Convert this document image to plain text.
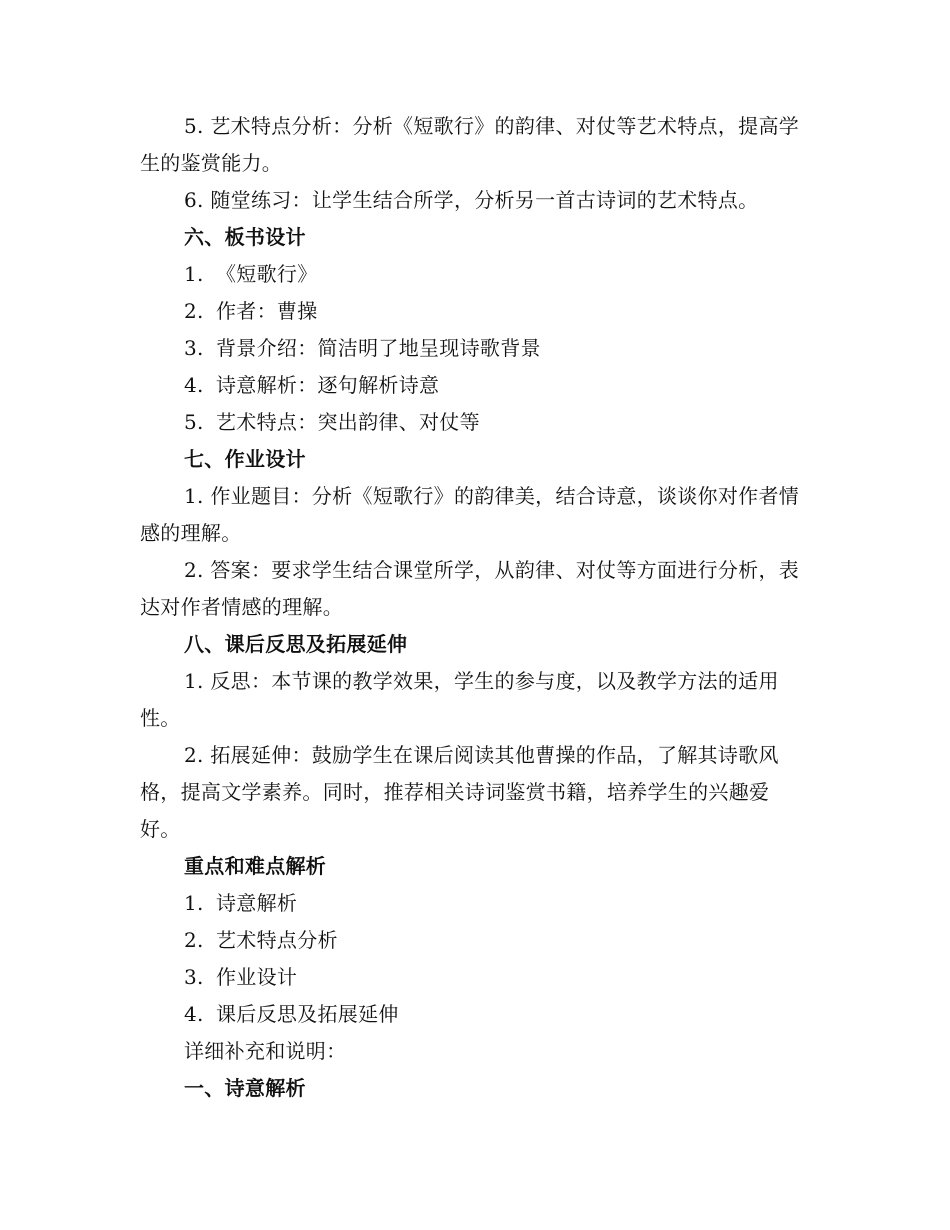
5. 艺术特点分析：分析《短歌行》的韵律、对仗等艺术特点，提高学生的鉴赏能力。

6. 随堂练习：让学生结合所学，分析另一首古诗词的艺术特点。

六、板书设计

1. 《短歌行》

2. 作者：曹操

3. 背景介绍：简洁明了地呈现诗歌背景

4. 诗意解析：逐句解析诗意

5. 艺术特点：突出韵律、对仗等

七、作业设计

1. 作业题目：分析《短歌行》的韵律美，结合诗意，谈谈你对作者情感的理解。

2. 答案：要求学生结合课堂所学，从韵律、对仗等方面进行分析，表达对作者情感的理解。

八、课后反思及拓展延伸

1. 反思：本节课的教学效果，学生的参与度，以及教学方法的适用性。

2. 拓展延伸：鼓励学生在课后阅读其他曹操的作品，了解其诗歌风格，提高文学素养。同时，推荐相关诗词鉴赏书籍，培养学生的兴趣爱好。

重点和难点解析

1. 诗意解析

2. 艺术特点分析

3. 作业设计

4. 课后反思及拓展延伸

详细补充和说明：

一、诗意解析
